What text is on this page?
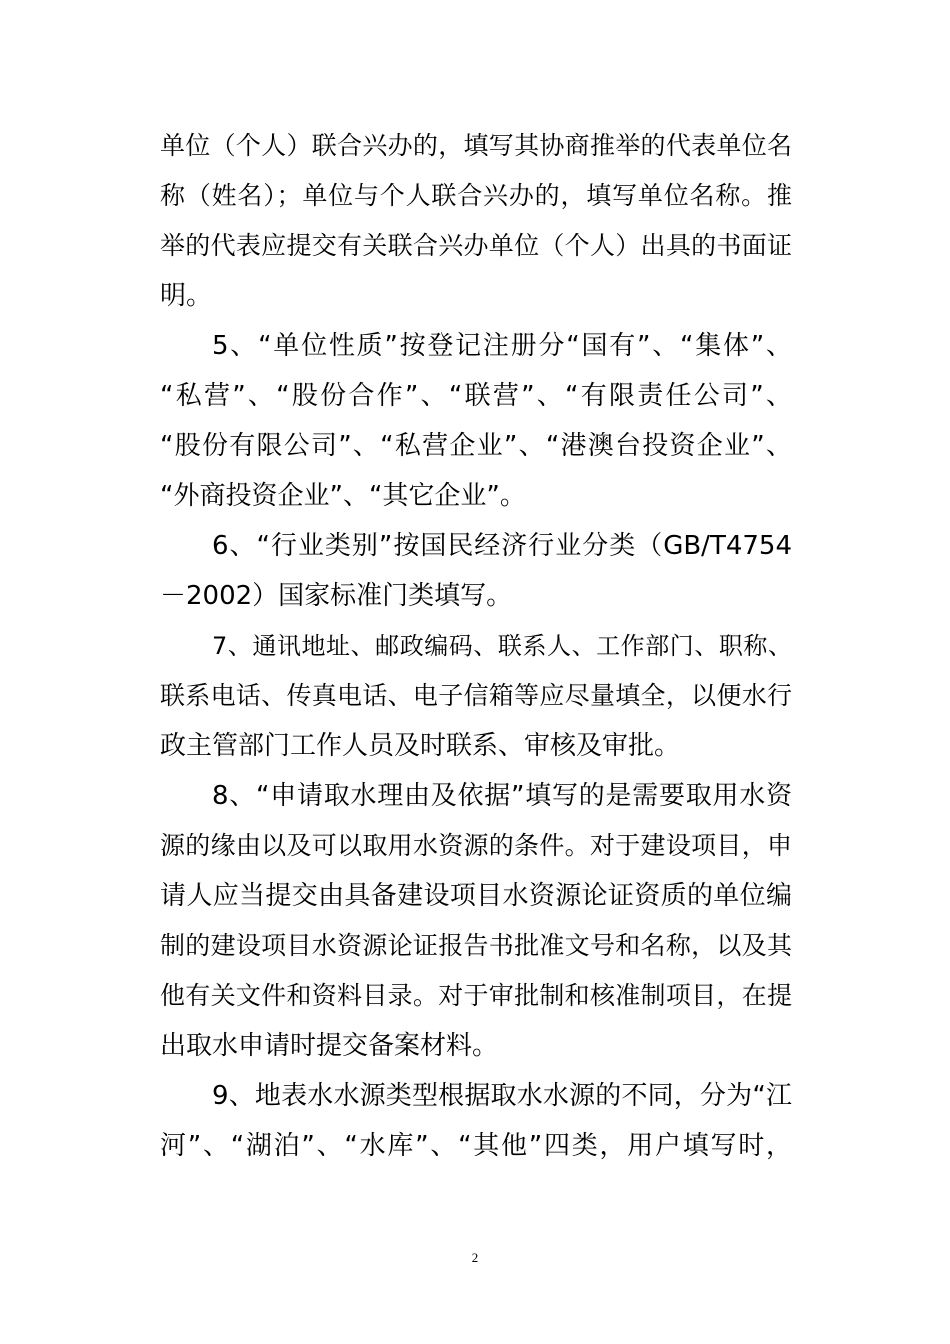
单位（个人）联合兴办的，填写其协商推举的代表单位名
称（姓名）；单位与个人联合兴办的，填写单位名称。推
举的代表应提交有关联合兴办单位（个人）出具的书面证
明。
5、“单位性质”按登记注册分“国有”、“集体”、
“私营”、“股份合作”、“联营”、“有限责任公司”、
“股份有限公司”、“私营企业”、“港澳台投资企业”、
“外商投资企业”、“其它企业”。
6、“行业类别”按国民经济行业分类（GB/T4754
－2002）国家标准门类填写。
7、通讯地址、邮政编码、联系人、工作部门、职称、
联系电话、传真电话、电子信箱等应尽量填全，以便水行
政主管部门工作人员及时联系、审核及审批。
8、“申请取水理由及依据”填写的是需要取用水资
源的缘由以及可以取用水资源的条件。对于建设项目，申
请人应当提交由具备建设项目水资源论证资质的单位编
制的建设项目水资源论证报告书批准文号和名称，以及其
他有关文件和资料目录。对于审批制和核准制项目，在提
出取水申请时提交备案材料。
9、地表水水源类型根据取水水源的不同，分为“江
河”、“湖泊”、“水库”、“其他”四类，用户填写时，
2
